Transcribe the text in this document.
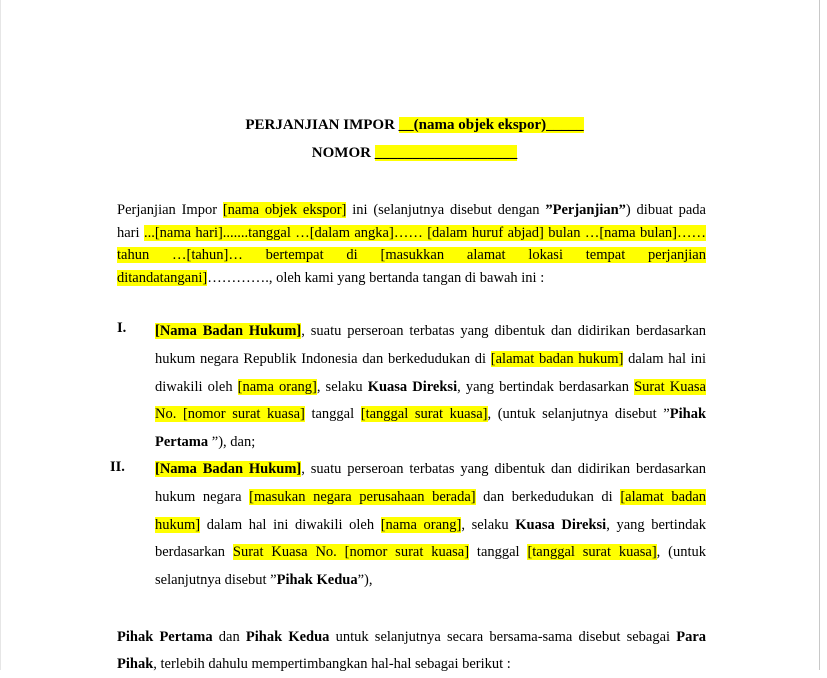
PERJANJIAN IMPOR __(nama objek ekspor)_____
NOMOR ___________________
Perjanjian Impor [nama objek ekspor] ini (selanjutnya disebut dengan ”Perjanjian”) dibuat pada hari ...[nama hari].......tanggal …[dalam angka]…… [dalam huruf abjad] bulan …[nama bulan]…… tahun …[tahun]… bertempat di [masukkan alamat lokasi tempat perjanjian ditandatangani]…………., oleh kami yang bertanda tangan di bawah ini :
I. [Nama Badan Hukum], suatu perseroan terbatas yang dibentuk dan didirikan berdasarkan hukum negara Republik Indonesia dan berkedudukan di [alamat badan hukum] dalam hal ini diwakili oleh [nama orang], selaku Kuasa Direksi, yang bertindak berdasarkan Surat Kuasa No. [nomor surat kuasa] tanggal [tanggal surat kuasa], (untuk selanjutnya disebut ”Pihak Pertama ”), dan;
II. [Nama Badan Hukum], suatu perseroan terbatas yang dibentuk dan didirikan berdasarkan hukum negara [masukan negara perusahaan berada] dan berkedudukan di [alamat badan hukum] dalam hal ini diwakili oleh [nama orang], selaku Kuasa Direksi, yang bertindak berdasarkan Surat Kuasa No. [nomor surat kuasa] tanggal [tanggal surat kuasa], (untuk selanjutnya disebut ”Pihak Kedua”),
Pihak Pertama dan Pihak Kedua untuk selanjutnya secara bersama-sama disebut sebagai Para Pihak, terlebih dahulu mempertimbangkan hal-hal sebagai berikut :
